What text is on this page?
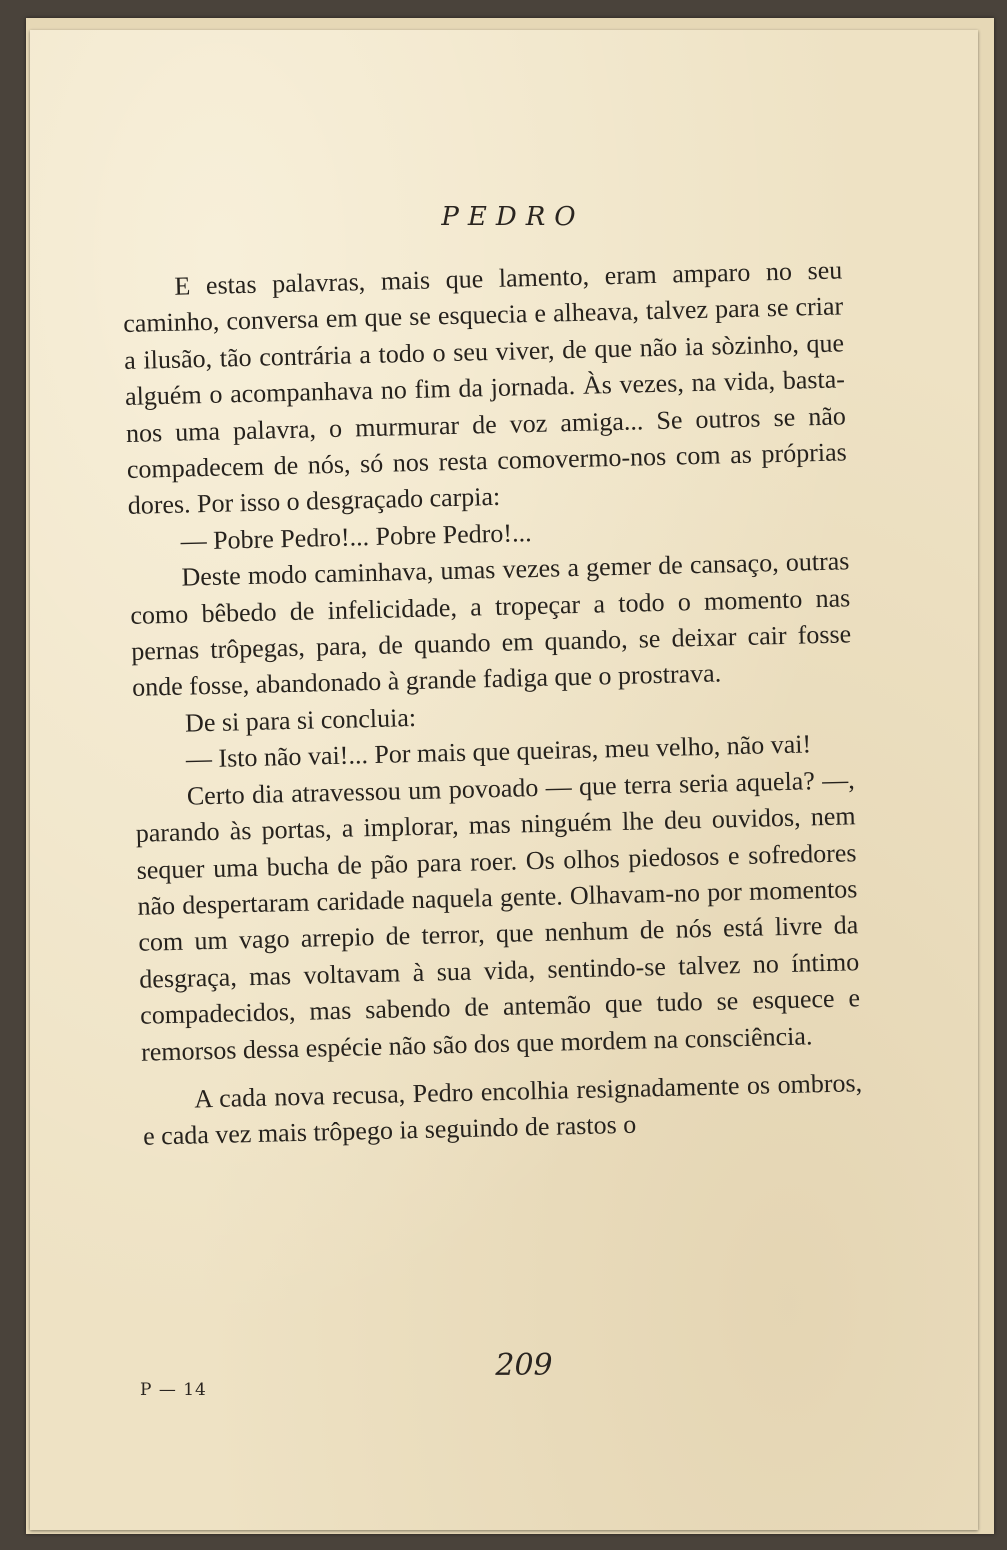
PEDRO

E estas palavras, mais que lamento, eram amparo no seu caminho, conversa em que se esquecia e alheava, talvez para se criar a ilusão, tão contrária a todo o seu viver, de que não ia sòzinho, que alguém o acompanhava no fim da jornada. Às vezes, na vida, basta-nos uma palavra, o murmurar de voz amiga... Se outros se não compadecem de nós, só nos resta comovermo-nos com as próprias dores. Por isso o desgraçado carpia:

— Pobre Pedro!... Pobre Pedro!...

Deste modo caminhava, umas vezes a gemer de cansaço, outras como bêbedo de infelicidade, a tropeçar a todo o momento nas pernas trôpegas, para, de quando em quando, se deixar cair fosse onde fosse, abandonado à grande fadiga que o prostrava.

De si para si concluia:

— Isto não vai!... Por mais que queiras, meu velho, não vai!

Certo dia atravessou um povoado — que terra seria aquela? —, parando às portas, a implorar, mas ninguém lhe deu ouvidos, nem sequer uma bucha de pão para roer. Os olhos piedosos e sofredores não despertaram caridade naquela gente. Olhavam-no por momentos com um vago arrepio de terror, que nenhum de nós está livre da desgraça, mas voltavam à sua vida, sentindo-se talvez no íntimo compadecidos, mas sabendo de antemão que tudo se esquece e remorsos dessa espécie não são dos que mordem na consciência.

A cada nova recusa, Pedro encolhia resignadamente os ombros, e cada vez mais trôpego ia seguindo de rastos o

209
P — 14
